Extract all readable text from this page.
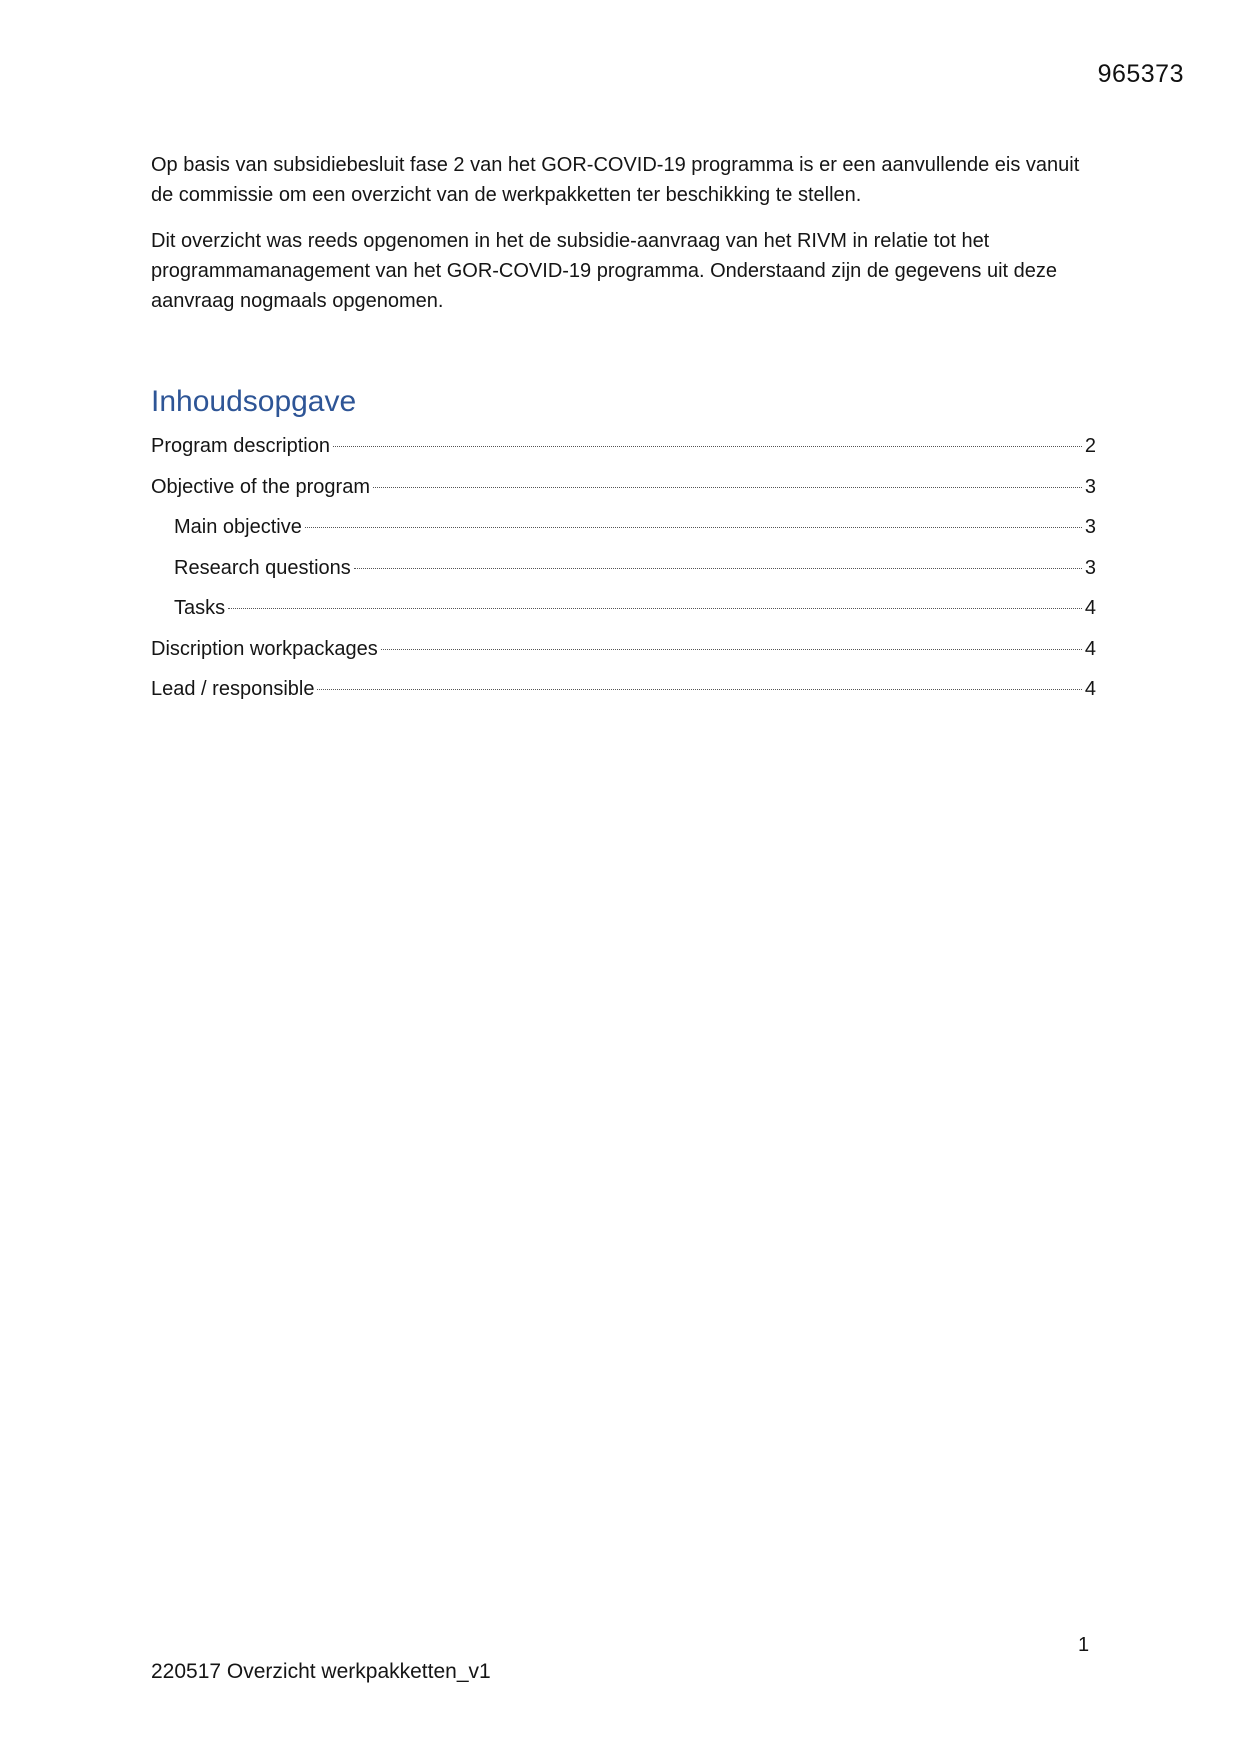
965373

Op basis van subsidiebesluit fase 2 van het GOR-COVID-19 programma is er een aanvullende eis vanuit de commissie om een overzicht van de werkpakketten ter beschikking te stellen.

Dit overzicht was reeds opgenomen in het de subsidie-aanvraag van het RIVM in relatie tot het programmamanagement van het GOR-COVID-19 programma. Onderstaand zijn de gegevens uit deze aanvraag nogmaals opgenomen.

Inhoudsopgave
Program description	2
Objective of the program	3
Main objective	3
Research questions	3
Tasks	4
Discription workpackages	4
Lead / responsible	4
1
220517 Overzicht werkpakketten_v1
